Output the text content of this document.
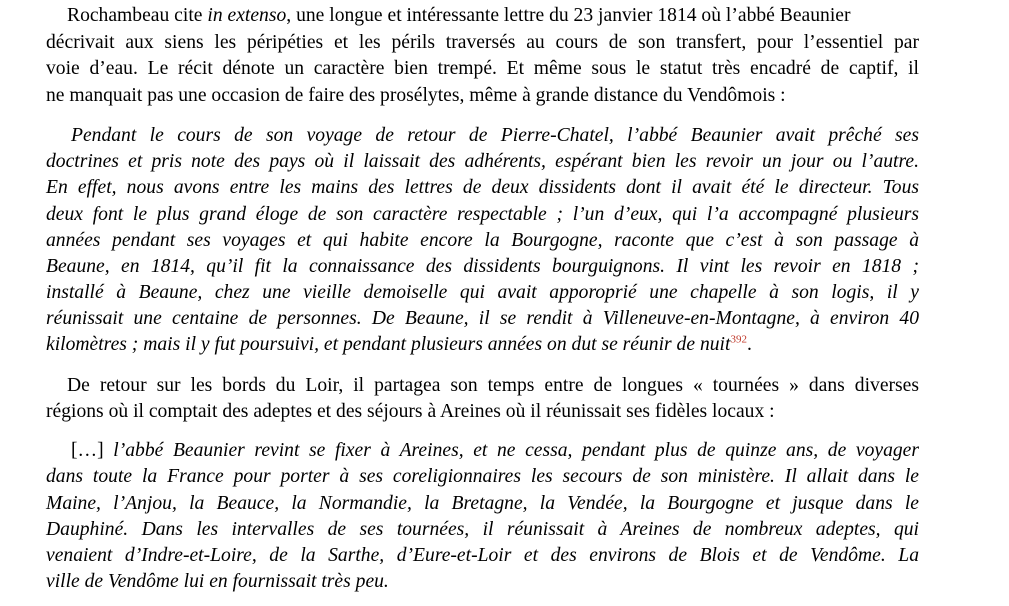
Rochambeau cite in extenso, une longue et intéressante lettre du 23 janvier 1814 où l’abbé Beaunier
décrivait aux siens les péripéties et les périls traversés au cours de son transfert, pour l’essentiel par
voie d’eau. Le récit dénote un caractère bien trempé. Et même sous le statut très encadré de captif, il
ne manquait pas une occasion de faire des prosélytes, même à grande distance du Vendômois :
Pendant le cours de son voyage de retour de Pierre-Chatel, l’abbé Beaunier avait prêché ses
doctrines et pris note des pays où il laissait des adhérents, espérant bien les revoir un jour ou l’autre.
En effet, nous avons entre les mains des lettres de deux dissidents dont il avait été le directeur. Tous
deux font le plus grand éloge de son caractère respectable ; l’un d’eux, qui l’a accompagné plusieurs
années pendant ses voyages et qui habite encore la Bourgogne, raconte que c’est à son passage à
Beaune, en 1814, qu’il fit la connaissance des dissidents bourguignons. Il vint les revoir en 1818 ;
installé à Beaune, chez une vieille demoiselle qui avait apporoprié une chapelle à son logis, il y
réunissait une centaine de personnes. De Beaune, il se rendit à Villeneuve-en-Montagne, à environ 40
kilomètres ; mais il y fut poursuivi, et pendant plusieurs années on dut se réunir de nuit$^{392}$.
De retour sur les bords du Loir, il partagea son temps entre de longues « tournées » dans diverses
régions où il comptait des adeptes et des séjours à Areines où il réunissait ses fidèles locaux :
[…] l’abbé Beaunier revint se fixer à Areines, et ne cessa, pendant plus de quinze ans, de voyager
dans toute la France pour porter à ses coreligionnaires les secours de son ministère. Il allait dans le
Maine, l’Anjou, la Beauce, la Normandie, la Bretagne, la Vendée, la Bourgogne et jusque dans le
Dauphiné. Dans les intervalles de ses tournées, il réunissait à Areines de nombreux adeptes, qui
venaient d’Indre-et-Loire, de la Sarthe, d’Eure-et-Loir et des environs de Blois et de Vendôme. La
ville de Vendôme lui en fournissait très peu.
